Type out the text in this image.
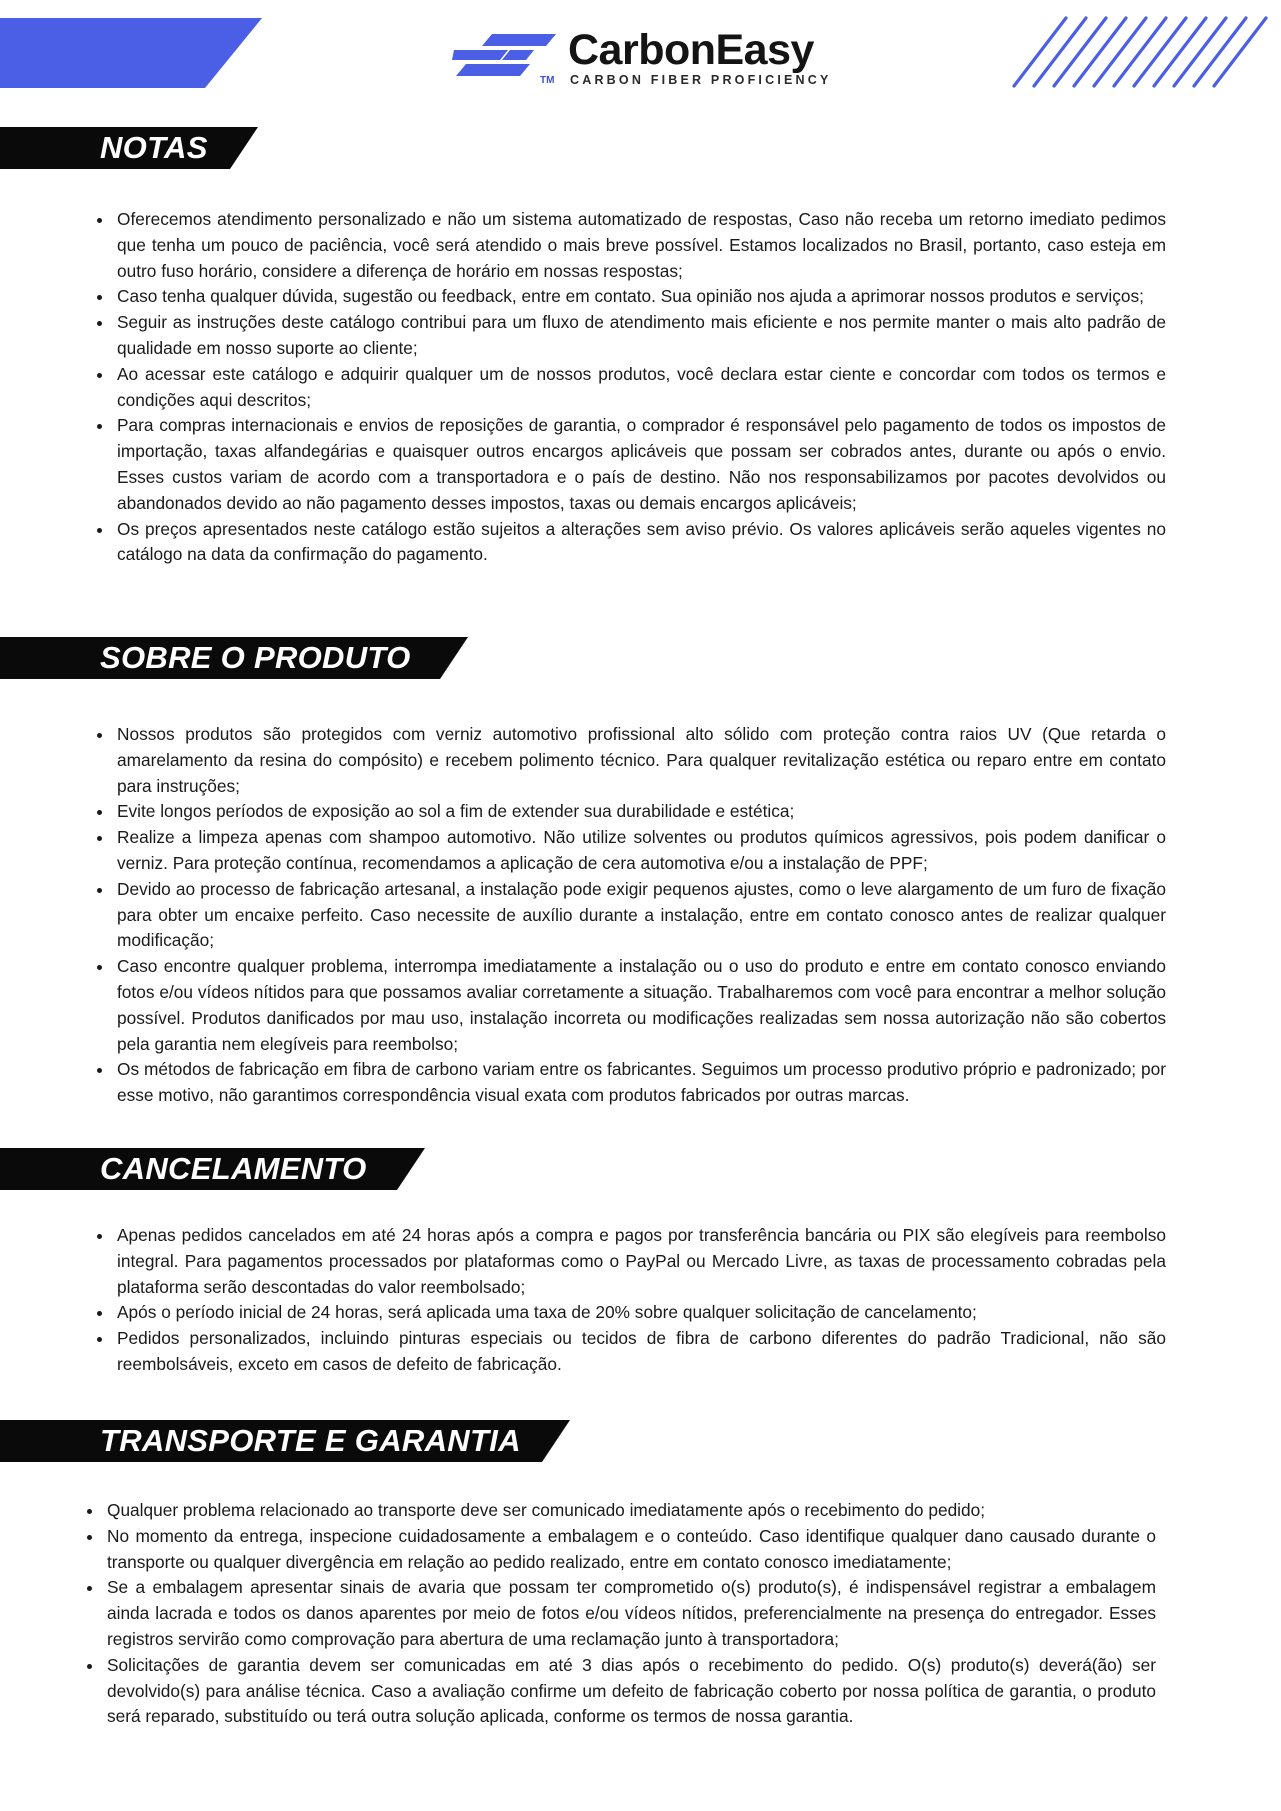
CarbonEasy
TM CARBON FIBER PROFICIENCY
NOTAS
Oferecemos atendimento personalizado e não um sistema automatizado de respostas, Caso não receba um retorno imediato pedimos que tenha um pouco de paciência, você será atendido o mais breve possível. Estamos localizados no Brasil, portanto, caso esteja em outro fuso horário, considere a diferença de horário em nossas respostas;
Caso tenha qualquer dúvida, sugestão ou feedback, entre em contato. Sua opinião nos ajuda a aprimorar nossos produtos e serviços;
Seguir as instruções deste catálogo contribui para um fluxo de atendimento mais eficiente e nos permite manter o mais alto padrão de qualidade em nosso suporte ao cliente;
Ao acessar este catálogo e adquirir qualquer um de nossos produtos, você declara estar ciente e concordar com todos os termos e condições aqui descritos;
Para compras internacionais e envios de reposições de garantia, o comprador é responsável pelo pagamento de todos os impostos de importação, taxas alfandegárias e quaisquer outros encargos aplicáveis que possam ser cobrados antes, durante ou após o envio. Esses custos variam de acordo com a transportadora e o país de destino. Não nos responsabilizamos por pacotes devolvidos ou abandonados devido ao não pagamento desses impostos, taxas ou demais encargos aplicáveis;
Os preços apresentados neste catálogo estão sujeitos a alterações sem aviso prévio. Os valores aplicáveis serão aqueles vigentes no catálogo na data da confirmação do pagamento.
SOBRE O PRODUTO
Nossos produtos são protegidos com verniz automotivo profissional alto sólido com proteção contra raios UV (Que retarda o amarelamento da resina do compósito) e recebem polimento técnico. Para qualquer revitalização estética ou reparo entre em contato para instruções;
Evite longos períodos de exposição ao sol a fim de extender sua durabilidade e estética;
Realize a limpeza apenas com shampoo automotivo. Não utilize solventes ou produtos químicos agressivos, pois podem danificar o verniz. Para proteção contínua, recomendamos a aplicação de cera automotiva e/ou a instalação de PPF;
Devido ao processo de fabricação artesanal, a instalação pode exigir pequenos ajustes, como o leve alargamento de um furo de fixação para obter um encaixe perfeito. Caso necessite de auxílio durante a instalação, entre em contato conosco antes de realizar qualquer modificação;
Caso encontre qualquer problema, interrompa imediatamente a instalação ou o uso do produto e entre em contato conosco enviando fotos e/ou vídeos nítidos para que possamos avaliar corretamente a situação. Trabalharemos com você para encontrar a melhor solução possível. Produtos danificados por mau uso, instalação incorreta ou modificações realizadas sem nossa autorização não são cobertos pela garantia nem elegíveis para reembolso;
Os métodos de fabricação em fibra de carbono variam entre os fabricantes. Seguimos um processo produtivo próprio e padronizado; por esse motivo, não garantimos correspondência visual exata com produtos fabricados por outras marcas.
CANCELAMENTO
Apenas pedidos cancelados em até 24 horas após a compra e pagos por transferência bancária ou PIX são elegíveis para reembolso integral. Para pagamentos processados por plataformas como o PayPal ou Mercado Livre, as taxas de processamento cobradas pela plataforma serão descontadas do valor reembolsado;
Após o período inicial de 24 horas, será aplicada uma taxa de 20% sobre qualquer solicitação de cancelamento;
Pedidos personalizados, incluindo pinturas especiais ou tecidos de fibra de carbono diferentes do padrão Tradicional, não são reembolsáveis, exceto em casos de defeito de fabricação.
TRANSPORTE E GARANTIA
Qualquer problema relacionado ao transporte deve ser comunicado imediatamente após o recebimento do pedido;
No momento da entrega, inspecione cuidadosamente a embalagem e o conteúdo. Caso identifique qualquer dano causado durante o transporte ou qualquer divergência em relação ao pedido realizado, entre em contato conosco imediatamente;
Se a embalagem apresentar sinais de avaria que possam ter comprometido o(s) produto(s), é indispensável registrar a embalagem ainda lacrada e todos os danos aparentes por meio de fotos e/ou vídeos nítidos, preferencialmente na presença do entregador. Esses registros servirão como comprovação para abertura de uma reclamação junto à transportadora;
Solicitações de garantia devem ser comunicadas em até 3 dias após o recebimento do pedido. O(s) produto(s) deverá(ão) ser devolvido(s) para análise técnica. Caso a avaliação confirme um defeito de fabricação coberto por nossa política de garantia, o produto será reparado, substituído ou terá outra solução aplicada, conforme os termos de nossa garantia.
